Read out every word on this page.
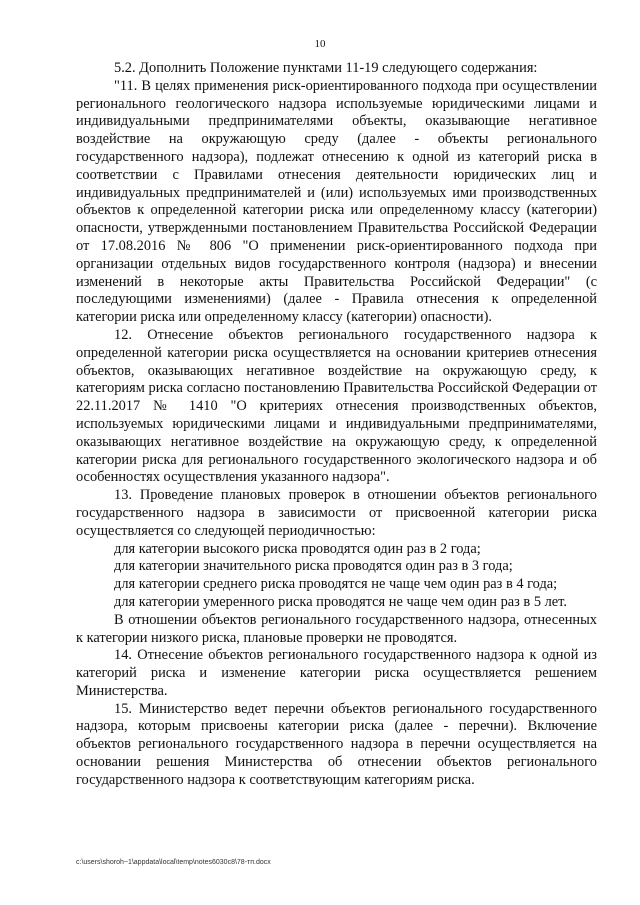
10

5.2. Дополнить Положение пунктами 11-19 следующего содержания:

"11. В целях применения риск-ориентированного подхода при осуществлении регионального геологического надзора используемые юридическими лицами и индивидуальными предпринимателями объекты, оказывающие негативное воздействие на окружающую среду (далее - объекты регионального государственного надзора), подлежат отнесению к одной из категорий риска в соответствии с Правилами отнесения деятельности юридических лиц и индивидуальных предпринимателей и (или) используемых ими производственных объектов к определенной категории риска или определенному классу (категории) опасности, утвержденными постановлением Правительства Российской Федерации от 17.08.2016 № 806 "О применении риск-ориентированного подхода при организации отдельных видов государственного контроля (надзора) и внесении изменений в некоторые акты Правительства Российской Федерации" (с последующими изменениями) (далее - Правила отнесения к определенной категории риска или определенному классу (категории) опасности).

12. Отнесение объектов регионального государственного надзора к определенной категории риска осуществляется на основании критериев отнесения объектов, оказывающих негативное воздействие на окружающую среду, к категориям риска согласно постановлению Правительства Российской Федерации от 22.11.2017 № 1410 "О критериях отнесения производственных объектов, используемых юридическими лицами и индивидуальными предпринимателями, оказывающих негативное воздействие на окружающую среду, к определенной категории риска для регионального государственного экологического надзора и об особенностях осуществления указанного надзора".

13. Проведение плановых проверок в отношении объектов регионального государственного надзора в зависимости от присвоенной категории риска осуществляется со следующей периодичностью:

для категории высокого риска проводятся один раз в 2 года;

для категории значительного риска проводятся один раз в 3 года;

для категории среднего риска проводятся не чаще чем один раз в 4 года;

для категории умеренного риска проводятся не чаще чем один раз в 5 лет.

В отношении объектов регионального государственного надзора, отнесенных к категории низкого риска, плановые проверки не проводятся.

14. Отнесение объектов регионального государственного надзора к одной из категорий риска и изменение категории риска осуществляется решением Министерства.

15. Министерство ведет перечни объектов регионального государственного надзора, которым присвоены категории риска (далее - перечни). Включение объектов регионального государственного надзора в перечни осуществляется на основании решения Министерства об отнесении объектов регионального государственного надзора к соответствующим категориям риска.

c:\users\shoroh~1\appdata\local\temp\notes6030c8\78-тп.docx
